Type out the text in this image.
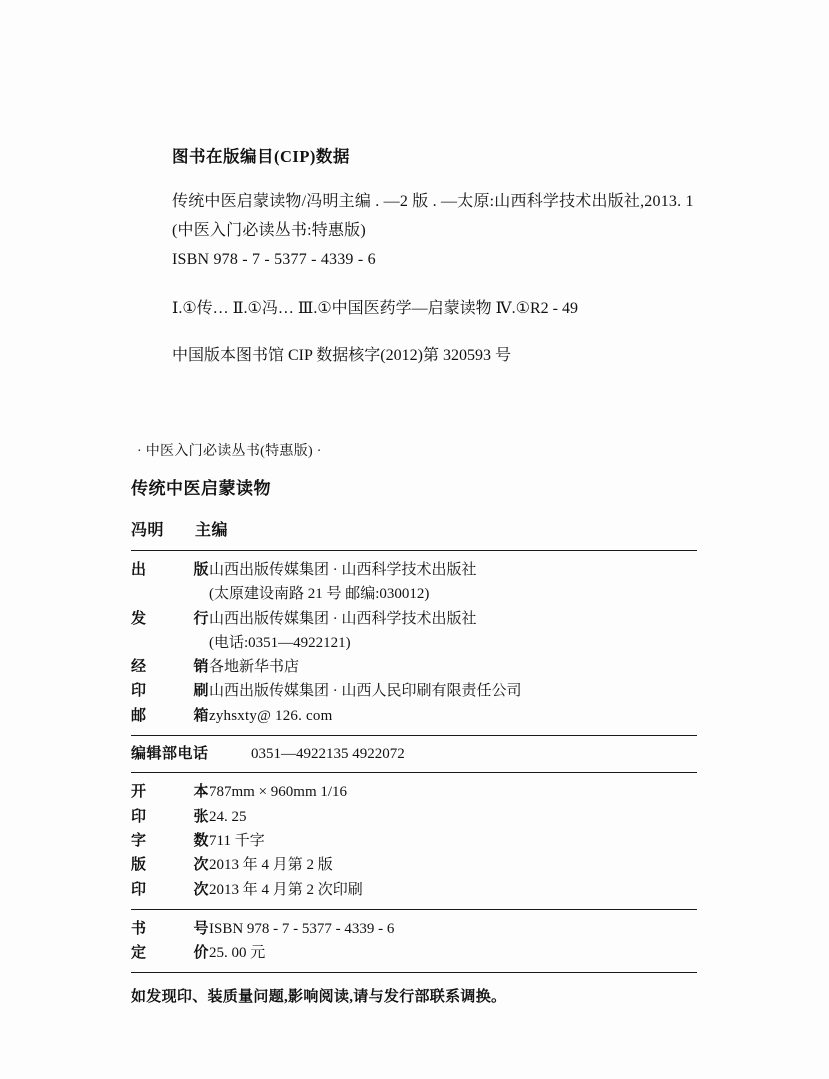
图书在版编目(CIP)数据
传统中医启蒙读物/冯明主编 . —2 版 . —太原:山西科学技术出版社,2013. 1
(中医入门必读丛书:特惠版)
ISBN 978 - 7 - 5377 - 4339 - 6
Ⅰ.①传… Ⅱ.①冯… Ⅲ.①中国医药学—启蒙读物 Ⅳ.①R2 - 49
中国版本图书馆 CIP 数据核字(2012)第 320593 号
· 中医入门必读丛书(特惠版) ·
传统中医启蒙读物
冯明 主编
出	版 山西出版传媒集团 · 山西科学技术出版社
(太原建设南路 21 号 邮编:030012)
发	行 山西出版传媒集团 · 山西科学技术出版社
(电话:0351—4922121)
经	销 各地新华书店
印	刷 山西出版传媒集团 · 山西人民印刷有限责任公司
邮	箱 zyhsxty@ 126. com
编辑部电话	0351—4922135 4922072
开	本 787mm × 960mm 1/16
印	张 24. 25
字	数 711 千字
版	次 2013 年 4 月第 2 版
印	次 2013 年 4 月第 2 次印刷
书	号 ISBN 978 - 7 - 5377 - 4339 - 6
定	价 25. 00 元
如发现印、装质量问题,影响阅读,请与发行部联系调换。
